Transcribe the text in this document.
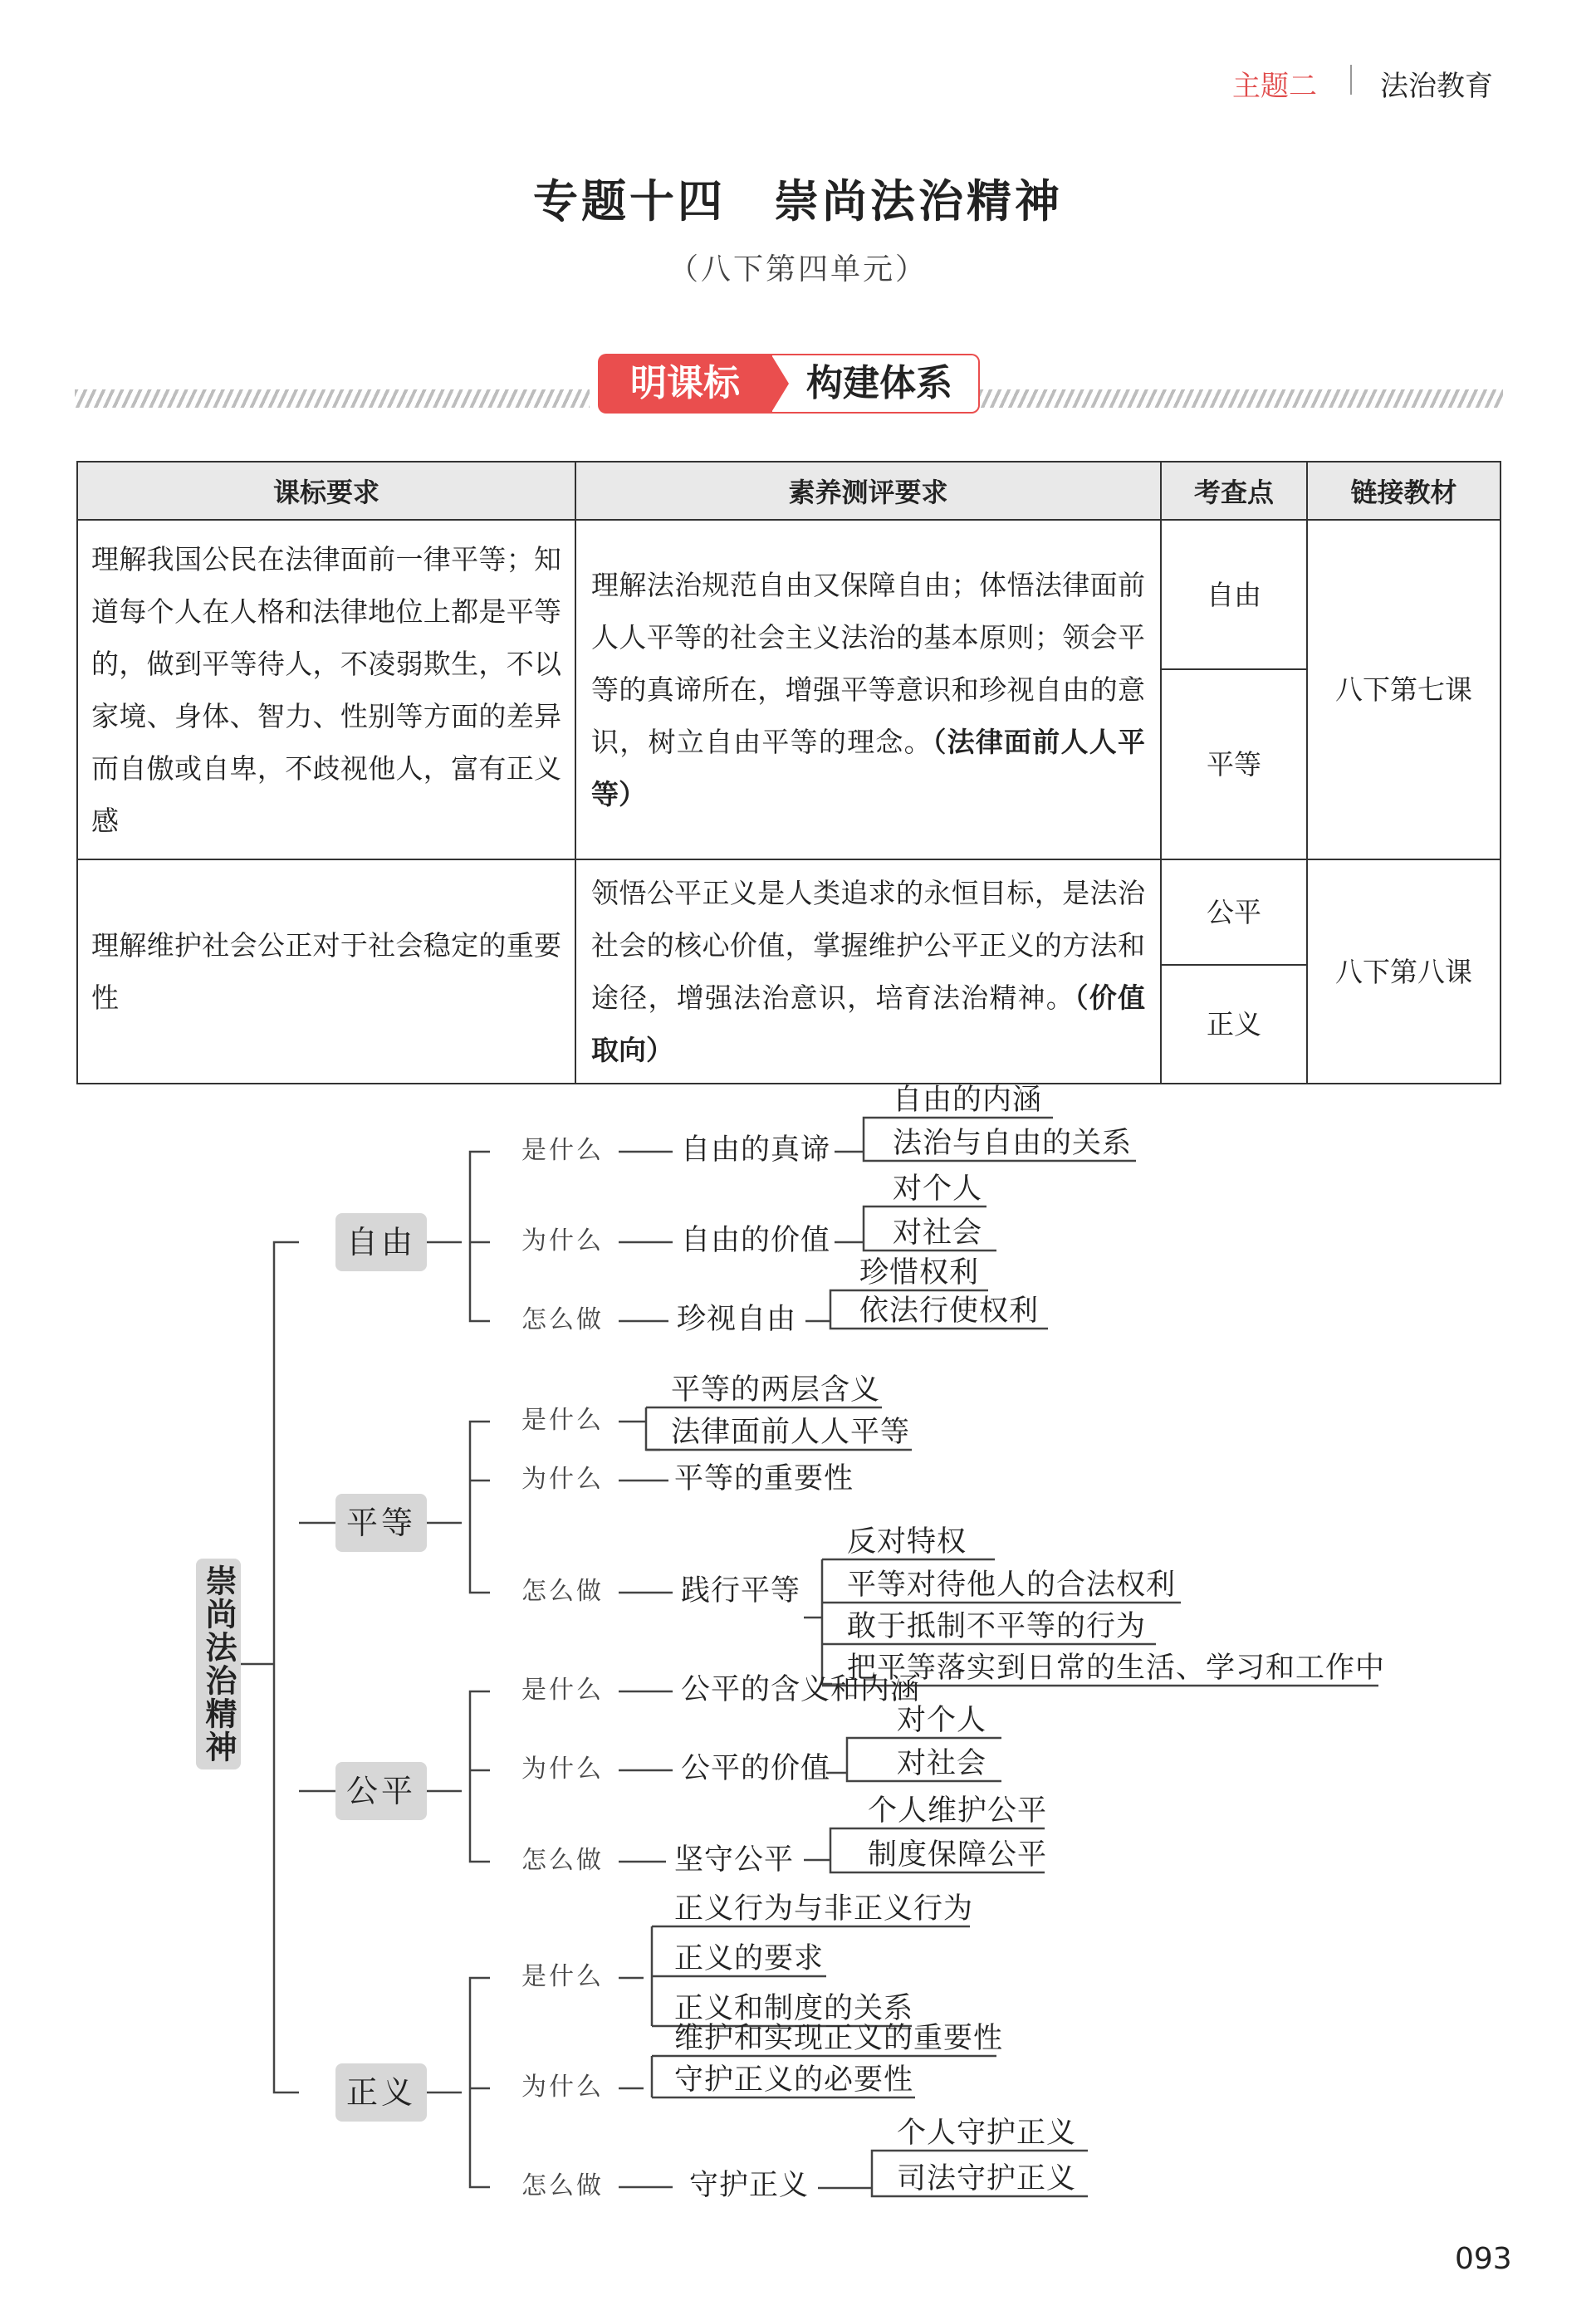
主题二 法治教育
专题十四　崇尚法治精神
（八下第四单元）
构建体系
明课标
课标要求	素养测评要求	考查点	链接教材
理解我国公民在法律面前一律平等；知道每个人在人格和法律地位上都是平等的，做到平等待人，不凌弱欺生，不以家境、身体、智力、性别等方面的差异而自傲或自卑，不歧视他人，富有正义感	理解法治规范自由又保障自由；体悟法律面前人人平等的社会主义法治的基本原则；领会平等的真谛所在，增强平等意识和珍视自由的意识，树立自由平等的理念。（法律面前人人平等）	自由	八下第七课
		平等	
理解维护社会公正对于社会稳定的重要性	领悟公平正义是人类追求的永恒目标，是法治社会的核心价值，掌握维护公平正义的方法和途径，增强法治意识，培育法治精神。（价值取向）	公平	八下第八课
		正义	
崇尚法治精神
自由
平等
公平
正义
是什么	自由的真谛
自由的内涵
法治与自由的关系
为什么	自由的价值
对个人
对社会
怎么做	珍视自由
珍惜权利
依法行使权利
是什么
平等的两层含义
法律面前人人平等
为什么 平等的重要性
怎么做	践行平等
反对特权
平等对待他人的合法权利
敢于抵制不平等的行为
把平等落实到日常的生活、学习和工作中
是什么	公平的含义和内涵
为什么	公平的价值
对个人
对社会
怎么做 坚守公平
个人维护公平
制度保障公平
是什么
正义行为与非正义行为
正义的要求
正义和制度的关系
为什么
维护和实现正义的重要性
守护正义的必要性
怎么做	守护正义
个人守护正义
司法守护正义
093
